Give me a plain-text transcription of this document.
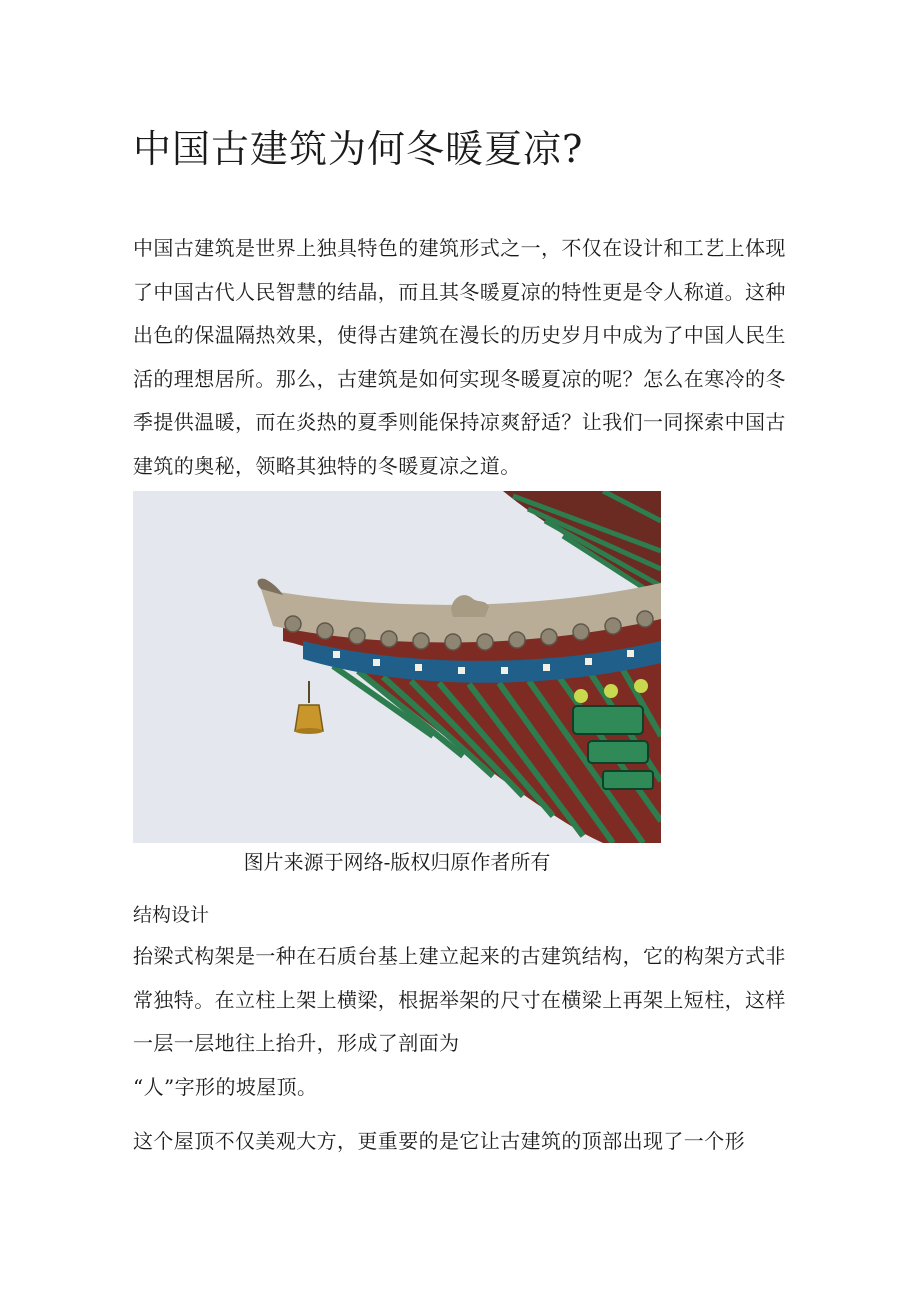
中国古建筑为何冬暖夏凉?

中国古建筑是世界上独具特色的建筑形式之一，不仅在设计和工艺上体现了中国古代人民智慧的结晶，而且其冬暖夏凉的特性更是令人称道。这种出色的保温隔热效果，使得古建筑在漫长的历史岁月中成为了中国人民生活的理想居所。那么，古建筑是如何实现冬暖夏凉的呢？怎么在寒冷的冬季提供温暖，而在炎热的夏季则能保持凉爽舒适？让我们一同探索中国古建筑的奥秘，领略其独特的冬暖夏凉之道。

图片来源于网络-版权归原作者所有
结构设计

抬梁式构架是一种在石质台基上建立起来的古建筑结构，它的构架方式非常独特。在立柱上架上横梁，根据举架的尺寸在横梁上再架上短柱，这样一层一层地往上抬升，形成了剖面为
“人”字形的坡屋顶。

这个屋顶不仅美观大方，更重要的是它让古建筑的顶部出现了一个形
